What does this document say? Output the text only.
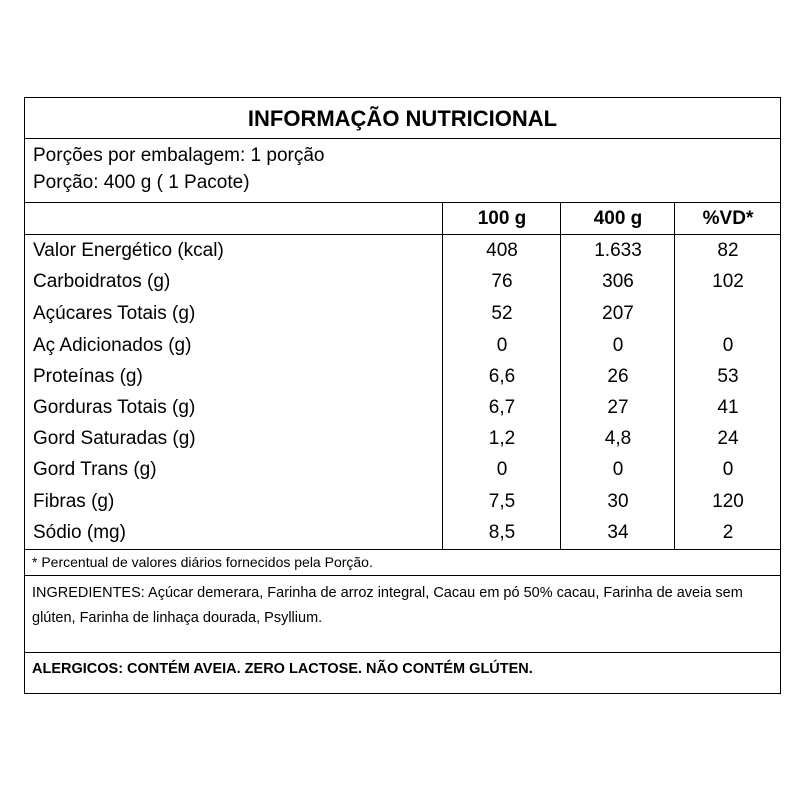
INFORMAÇÃO NUTRICIONAL
Porções por embalagem: 1 porção
Porção: 400 g ( 1 Pacote)
100 g	400 g	%VD*
Valor Energético (kcal)	408	1.633	82
Carboidratos (g)	76	306	102
Açúcares Totais (g)	52	207
Aç Adicionados (g)	0	0	0
Proteínas (g)	6,6	26	53
Gorduras Totais (g)	6,7	27	41
Gord Saturadas (g)	1,2	4,8	24
Gord Trans (g)	0	0	0
Fibras (g)	7,5	30	120
Sódio (mg)	8,5	34	2
* Percentual de valores diários fornecidos pela Porção.
INGREDIENTES: Açúcar demerara, Farinha de arroz integral, Cacau em pó 50% cacau, Farinha de aveia sem glúten, Farinha de linhaça dourada, Psyllium.
ALERGICOS: CONTÉM AVEIA. ZERO LACTOSE. NÃO CONTÉM GLÚTEN.
